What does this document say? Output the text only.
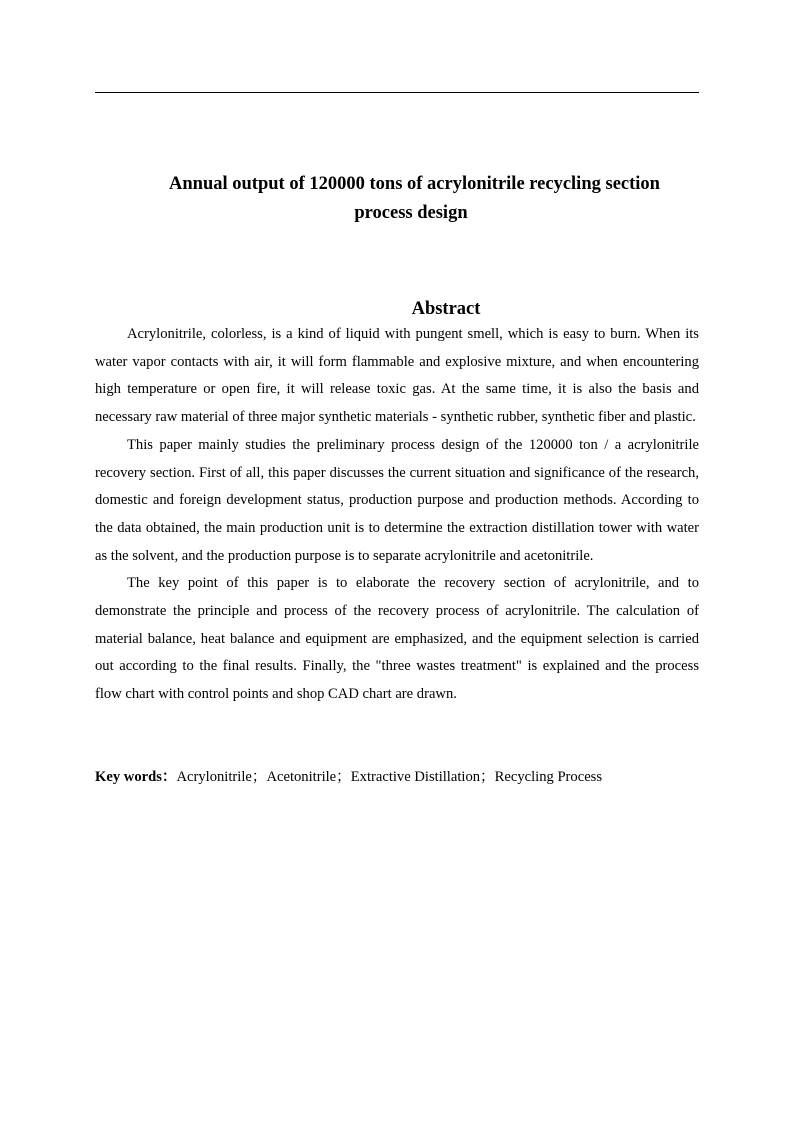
Annual output of 120000 tons of acrylonitrile recycling section
process design
Abstract

Acrylonitrile, colorless, is a kind of liquid with pungent smell, which is easy to burn. When its water vapor contacts with air, it will form flammable and explosive mixture, and when encountering high temperature or open fire, it will release toxic gas. At the same time, it is also the basis and necessary raw material of three major synthetic materials - synthetic rubber, synthetic fiber and plastic.

This paper mainly studies the preliminary process design of the 120000 ton / a acrylonitrile recovery section. First of all, this paper discusses the current situation and significance of the research, domestic and foreign development status, production purpose and production methods. According to the data obtained, the main production unit is to determine the extraction distillation tower with water as the solvent, and the production purpose is to separate acrylonitrile and acetonitrile.

The key point of this paper is to elaborate the recovery section of acrylonitrile, and to demonstrate the principle and process of the recovery process of acrylonitrile. The calculation of material balance, heat balance and equipment are emphasized, and the equipment selection is carried out according to the final results. Finally, the "three wastes treatment" is explained and the process flow chart with control points and shop CAD chart are drawn.

Key words：Acrylonitrile；Acetonitrile；Extractive Distillation；Recycling Process
